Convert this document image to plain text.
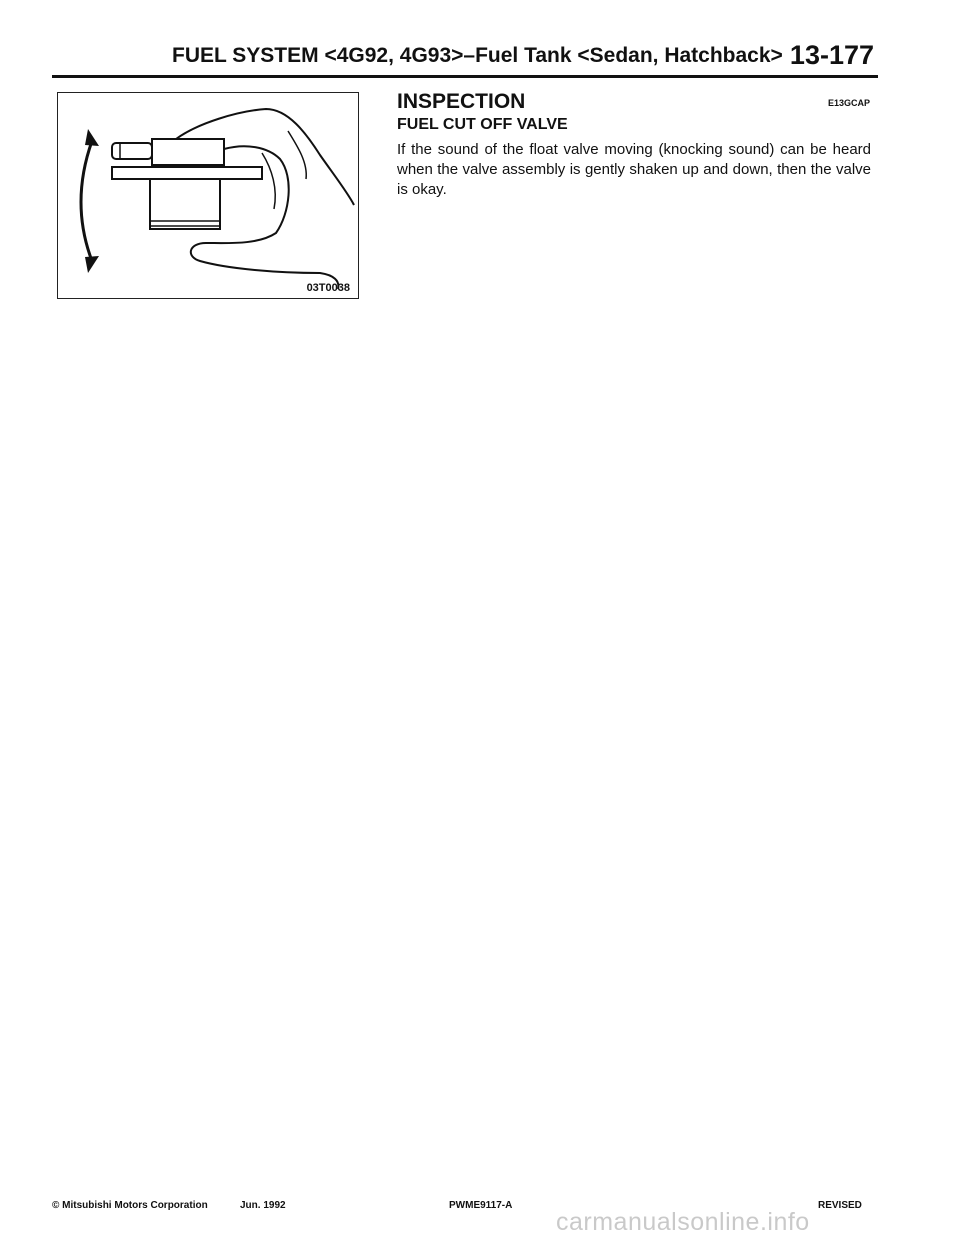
FUEL SYSTEM <4G92, 4G93>–Fuel Tank <Sedan, Hatchback> 13-177
03T0038
INSPECTION	E13GCAP
FUEL CUT OFF VALVE
If the sound of the float valve moving (knocking sound) can be heard when the valve assembly is gently shaken up and down, then the valve is okay.
© Mitsubishi Motors Corporation	Jun. 1992	PWME9117-A	REVISED
carmanualsonline.info
